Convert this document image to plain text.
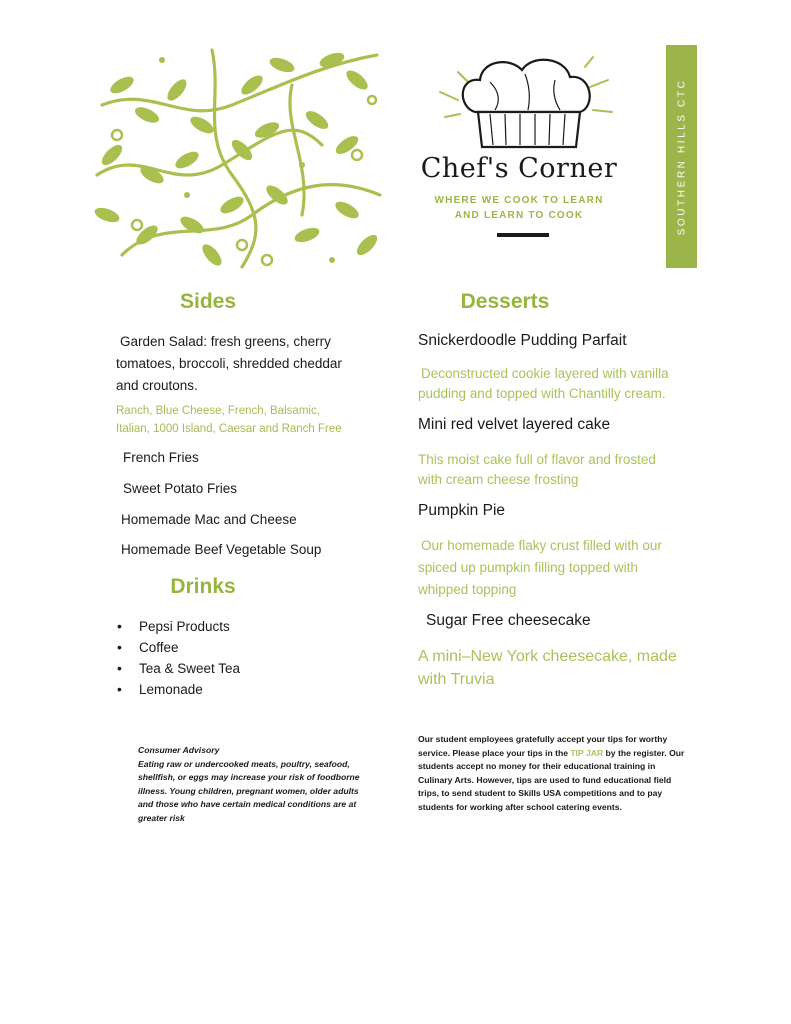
Chef's Corner
WHERE WE COOK TO LEARN
AND LEARN TO COOK	SOUTHERN HILLS CTC
Sides
Garden Salad: fresh greens, cherry
tomatoes, broccoli, shredded cheddar
and croutons.
Ranch, Blue Cheese, French, Balsamic,
Italian, 1000 Island, Caesar and Ranch Free
French Fries
Sweet Potato Fries
Homemade Mac and Cheese
Homemade Beef Vegetable Soup
Drinks
• Pepsi Products
• Coffee
• Tea & Sweet Tea
• Lemonade
Desserts
Snickerdoodle Pudding Parfait
Deconstructed cookie layered with vanilla
pudding and topped with Chantilly cream.
Mini red velvet layered cake
This moist cake full of flavor and frosted
with cream cheese frosting
Pumpkin Pie
Our homemade flaky crust filled with our
spiced up pumpkin filling topped with
whipped topping
Sugar Free cheesecake
A mini–New York cheesecake, made
with Truvia
Consumer Advisory
Eating raw or undercooked meats, poultry, seafood,
shellfish, or eggs may increase your risk of foodborne
illness. Young children, pregnant women, older adults
and those who have certain medical conditions are at
greater risk
Our student employees gratefully accept your tips for worthy
service. Please place your tips in the TIP JAR by the register. Our
students accept no money for their educational training in
Culinary Arts. However, tips are used to fund educational field
trips, to send student to Skills USA competitions and to pay
students for working after school catering events.
